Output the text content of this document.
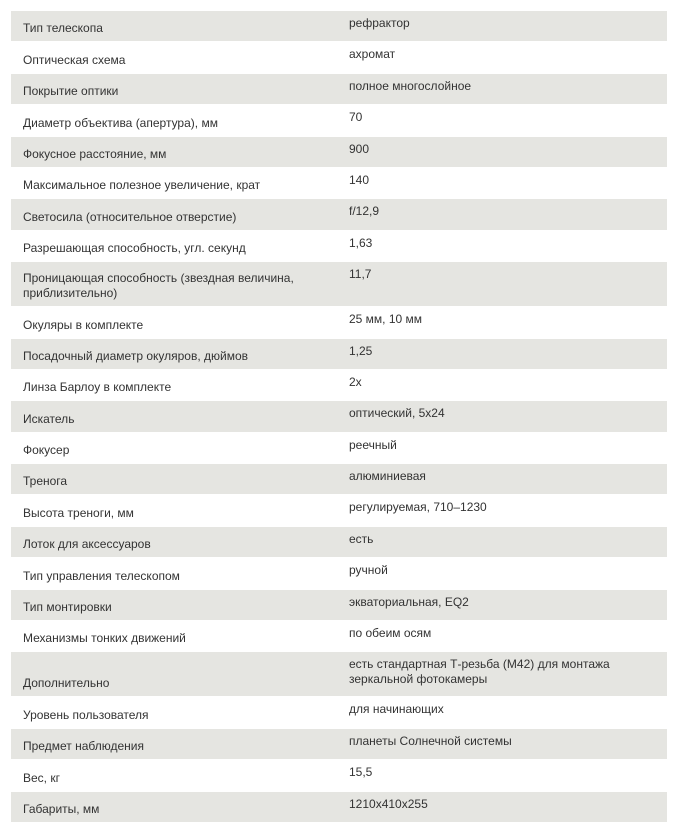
Тип телескопа	рефрактор
Оптическая схема	ахромат
Покрытие оптики	полное многослойное
Диаметр объектива (апертура), мм	70
Фокусное расстояние, мм	900
Максимальное полезное увеличение, крат	140
Светосила (относительное отверстие)	f/12,9
Разрешающая способность, угл. секунд	1,63
Проницающая способность (звездная величина, приблизительно)	11,7
Окуляры в комплекте	25 мм, 10 мм
Посадочный диаметр окуляров, дюймов	1,25
Линза Барлоу в комплекте	2x
Искатель	оптический, 5x24
Фокусер	реечный
Тренога	алюминиевая
Высота треноги, мм	регулируемая, 710–1230
Лоток для аксессуаров	есть
Тип управления телескопом	ручной
Тип монтировки	экваториальная, EQ2
Механизмы тонких движений	по обеим осям
Дополнительно	есть стандартная Т-резьба (M42) для монтажа зеркальной фотокамеры
Уровень пользователя	для начинающих
Предмет наблюдения	планеты Солнечной системы
Вес, кг	15,5
Габариты, мм	1210x410x255
